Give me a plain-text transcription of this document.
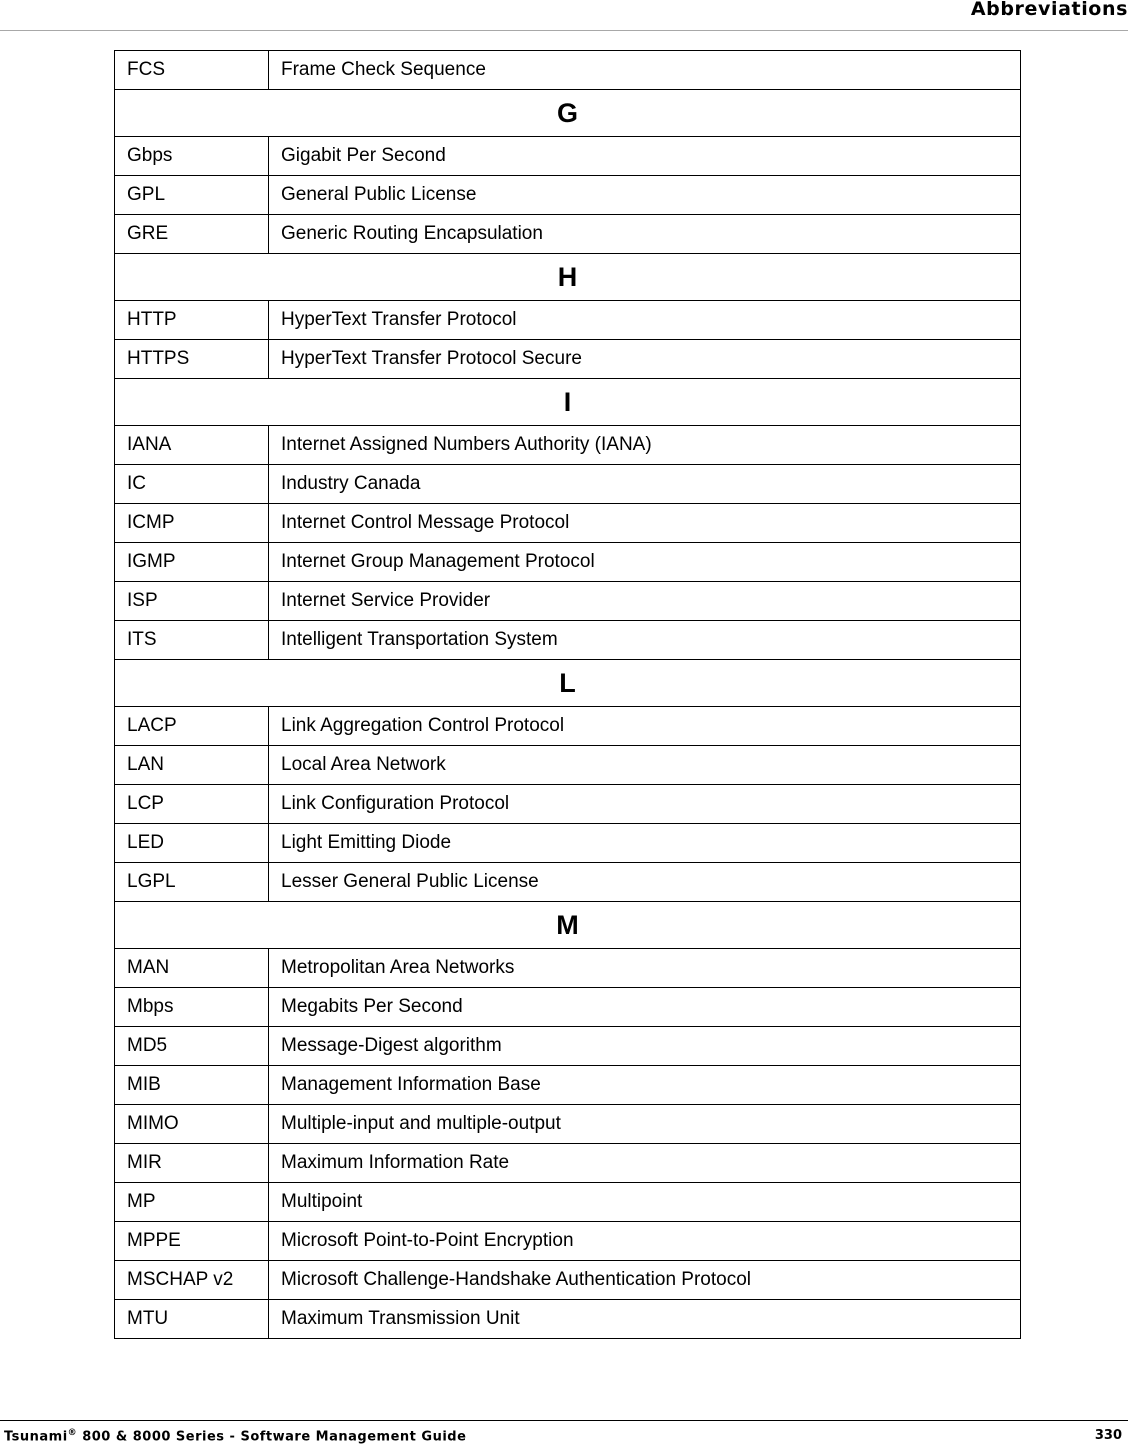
Abbreviations
FCS	Frame Check Sequence
G	
Gbps	Gigabit Per Second
GPL	General Public License
GRE	Generic Routing Encapsulation
H	
HTTP	HyperText Transfer Protocol
HTTPS	HyperText Transfer Protocol Secure
I	
IANA	Internet Assigned Numbers Authority (IANA)
IC	Industry Canada
ICMP	Internet Control Message Protocol
IGMP	Internet Group Management Protocol
ISP	Internet Service Provider
ITS	Intelligent Transportation System
L	
LACP	Link Aggregation Control Protocol
LAN	Local Area Network
LCP	Link Configuration Protocol
LED	Light Emitting Diode
LGPL	Lesser General Public License
M	
MAN	Metropolitan Area Networks
Mbps	Megabits Per Second
MD5	Message-Digest algorithm
MIB	Management Information Base
MIMO	Multiple-input and multiple-output
MIR	Maximum Information Rate
MP	Multipoint
MPPE	Microsoft Point-to-Point Encryption
MSCHAP v2	Microsoft Challenge-Handshake Authentication Protocol
MTU	Maximum Transmission Unit
Tsunami® 800 & 8000 Series - Software Management Guide	330
